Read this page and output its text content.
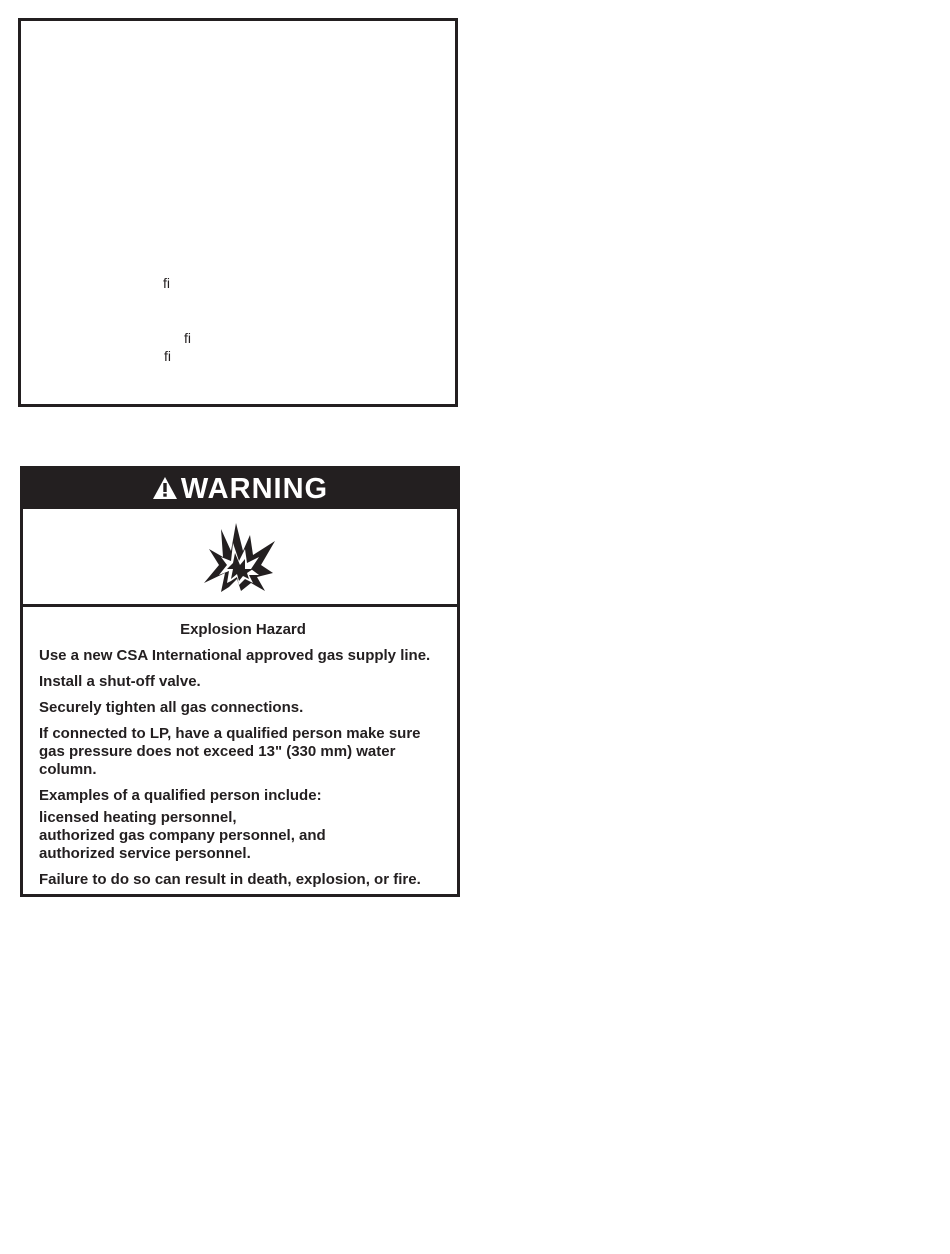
fi
fi
fi
WARNING
Explosion Hazard

Use a new CSA International approved gas supply line.

Install a shut-off valve.

Securely tighten all gas connections.

If connected to LP, have a qualified person make sure gas pressure does not exceed 13" (330 mm) water column.

Examples of a qualified person include:

licensed heating personnel,

authorized gas company personnel, and

authorized service personnel.

Failure to do so can result in death, explosion, or fire.
